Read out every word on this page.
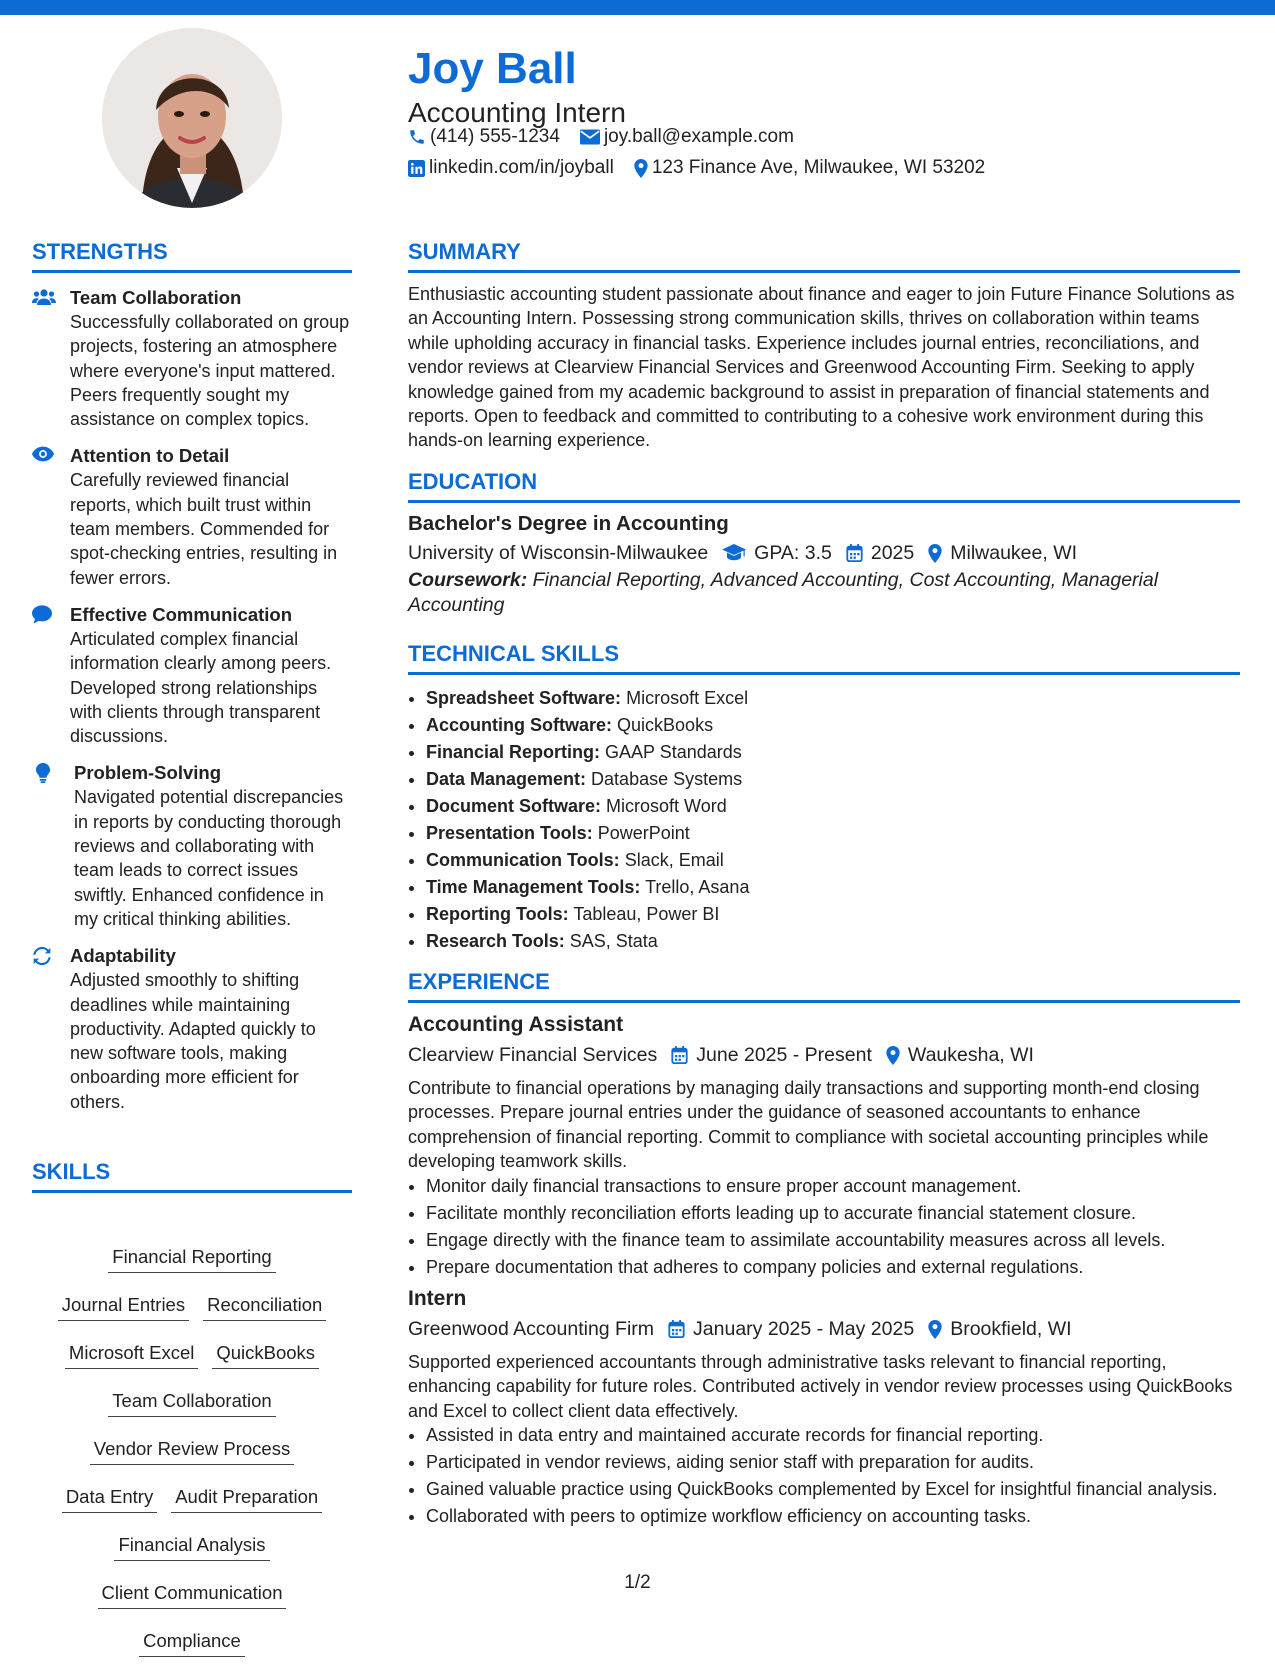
Joy Ball
Accounting Intern
(414) 555-1234 joy.ball@example.com
linkedin.com/in/joyball 123 Finance Ave, Milwaukee, WI 53202
STRENGTHS
Team Collaboration
Successfully collaborated on group projects, fostering an atmosphere where everyone's input mattered. Peers frequently sought my assistance on complex topics.
Attention to Detail
Carefully reviewed financial reports, which built trust within team members. Commended for spot-checking entries, resulting in fewer errors.
Effective Communication
Articulated complex financial information clearly among peers. Developed strong relationships with clients through transparent discussions.
Problem-Solving
Navigated potential discrepancies in reports by conducting thorough reviews and collaborating with team leads to correct issues swiftly. Enhanced confidence in my critical thinking abilities.
Adaptability
Adjusted smoothly to shifting deadlines while maintaining productivity. Adapted quickly to new software tools, making onboarding more efficient for others.
SKILLS
Financial Reporting
Journal Entries Reconciliation
Microsoft Excel QuickBooks
Team Collaboration
Vendor Review Process
Data Entry Audit Preparation
Financial Analysis
Client Communication
Compliance
SUMMARY

Enthusiastic accounting student passionate about finance and eager to join Future Finance Solutions as an Accounting Intern. Possessing strong communication skills, thrives on collaboration within teams while upholding accuracy in financial tasks. Experience includes journal entries, reconciliations, and vendor reviews at Clearview Financial Services and Greenwood Accounting Firm. Seeking to apply knowledge gained from my academic background to assist in preparation of financial statements and reports. Open to feedback and committed to contributing to a cohesive work environment during this hands-on learning experience.

EDUCATION
Bachelor's Degree in Accounting
University of Wisconsin-Milwaukee GPA: 3.5 2025 Milwaukee, WI
Coursework: Financial Reporting, Advanced Accounting, Cost Accounting, Managerial Accounting
TECHNICAL SKILLS
• Spreadsheet Software: Microsoft Excel
• Accounting Software: QuickBooks
• Financial Reporting: GAAP Standards
• Data Management: Database Systems
• Document Software: Microsoft Word
• Presentation Tools: PowerPoint
• Communication Tools: Slack, Email
• Time Management Tools: Trello, Asana
• Reporting Tools: Tableau, Power BI
• Research Tools: SAS, Stata
EXPERIENCE
Accounting Assistant
Clearview Financial Services June 2025 - Present Waukesha, WI

Contribute to financial operations by managing daily transactions and supporting month-end closing processes. Prepare journal entries under the guidance of seasoned accountants to enhance comprehension of financial reporting. Commit to compliance with societal accounting principles while developing teamwork skills.

• Monitor daily financial transactions to ensure proper account management.
• Facilitate monthly reconciliation efforts leading up to accurate financial statement closure.
• Engage directly with the finance team to assimilate accountability measures across all levels.
• Prepare documentation that adheres to company policies and external regulations.
Intern
Greenwood Accounting Firm January 2025 - May 2025 Brookfield, WI

Supported experienced accountants through administrative tasks relevant to financial reporting, enhancing capability for future roles. Contributed actively in vendor review processes using QuickBooks and Excel to collect client data effectively.

• Assisted in data entry and maintained accurate records for financial reporting.
• Participated in vendor reviews, aiding senior staff with preparation for audits.
• Gained valuable practice using QuickBooks complemented by Excel for insightful financial analysis.
• Collaborated with peers to optimize workflow efficiency on accounting tasks.
1/2
